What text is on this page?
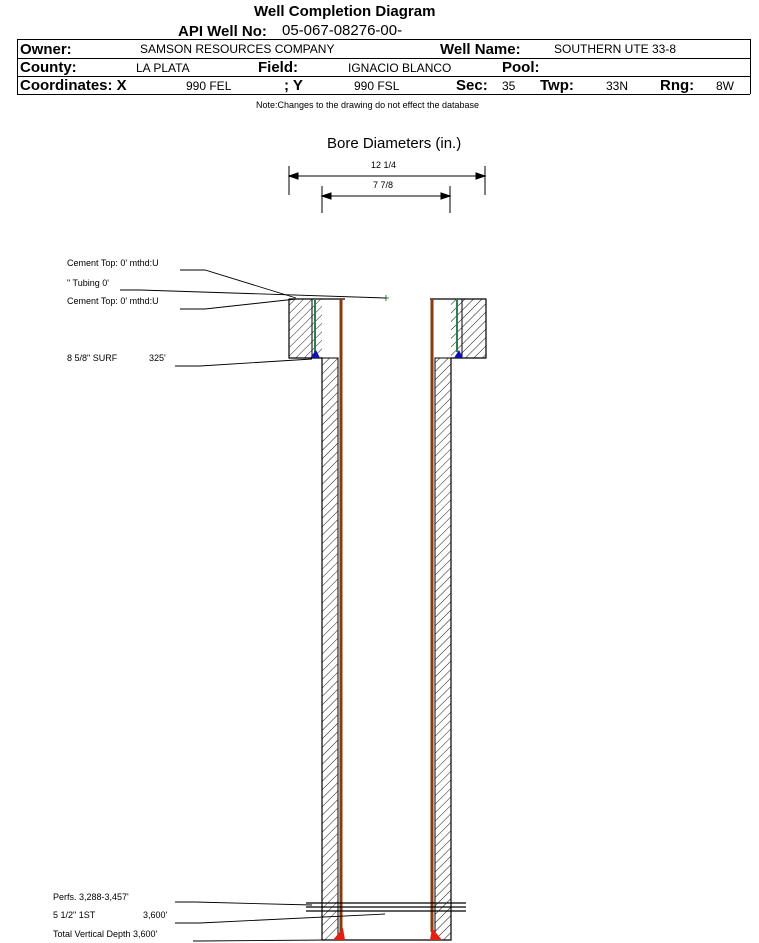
Well Completion Diagram
API Well No: 05-067-08276-00-
Owner:	SAMSON RESOURCES COMPANY	Well Name:	SOUTHERN UTE 33-8
County:	LA PLATA	Field:	IGNACIO BLANCO	Pool:
Coordinates: X	990 FEL	; Y	990 FSL	Sec: 35 Twp:	33N Rng: 8W
Note:Changes to the drawing do not effect the database
Bore Diameters (in.)
12 1/4
7 7/8
Cement Top: 0' mthd:U
" Tubing 0'
Cement Top: 0' mthd:U
8 5/8" SURF	325'
Perfs. 3,288-3,457'
5 1/2" 1ST	3,600'
Total Vertical Depth 3,600'
